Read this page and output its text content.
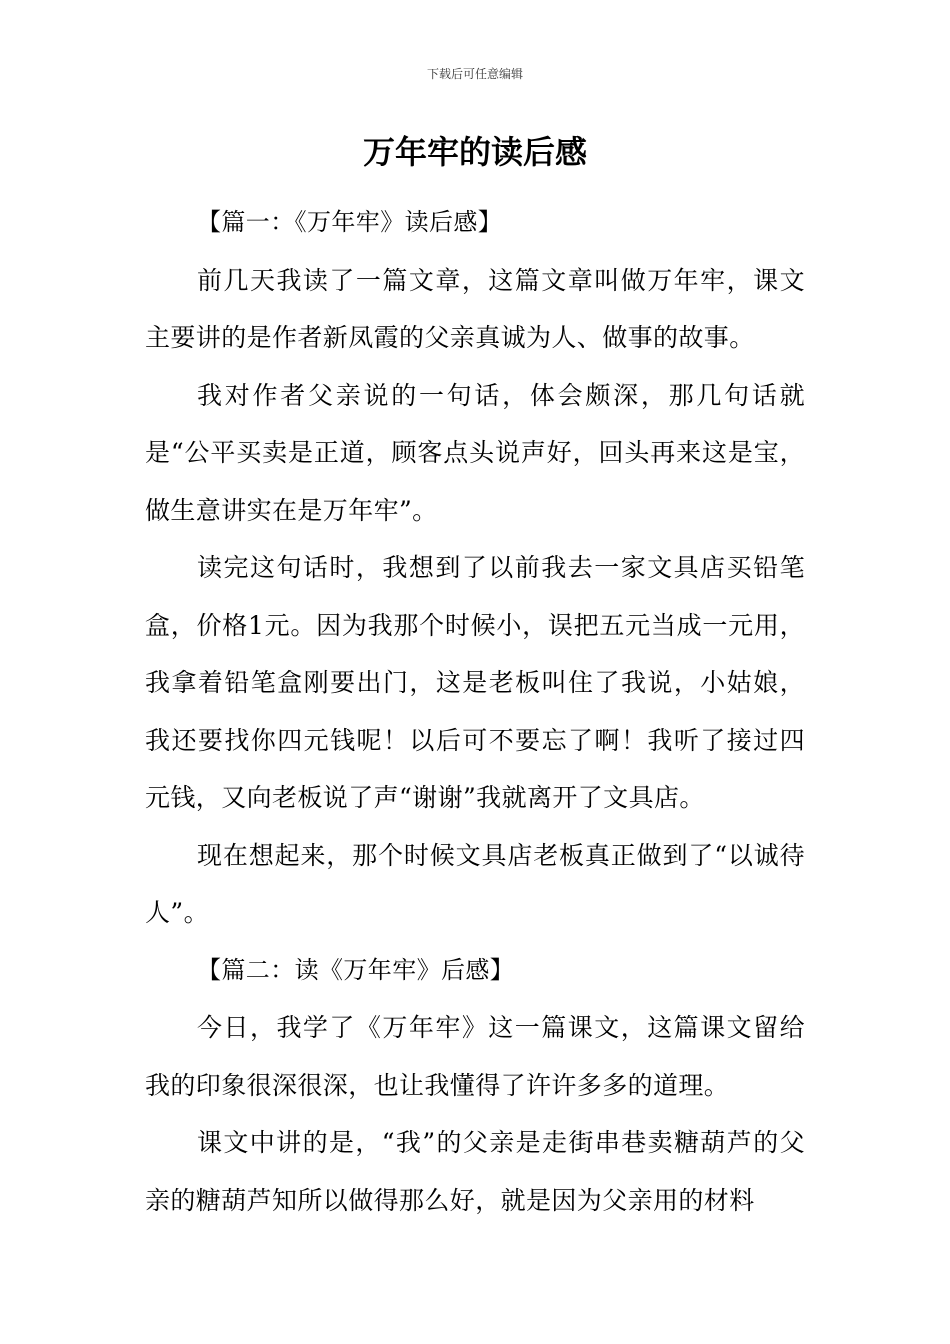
下载后可任意编辑
万年牢的读后感

【篇一：《万年牢》读后感】

前几天我读了一篇文章，这篇文章叫做万年牢，课文主要讲的是作者新凤霞的父亲真诚为人、做事的故事。

我对作者父亲说的一句话，体会颇深，那几句话就是“公平买卖是正道，顾客点头说声好，回头再来这是宝，做生意讲实在是万年牢”。

读完这句话时，我想到了以前我去一家文具店买铅笔盒，价格1元。因为我那个时候小，误把五元当成一元用，我拿着铅笔盒刚要出门，这是老板叫住了我说，小姑娘，我还要找你四元钱呢！以后可不要忘了啊！我听了接过四元钱，又向老板说了声“谢谢”我就离开了文具店。

现在想起来，那个时候文具店老板真正做到了“以诚待人”。

【篇二：读《万年牢》后感】

今日，我学了《万年牢》这一篇课文，这篇课文留给我的印象很深很深，也让我懂得了许许多多的道理。

课文中讲的是，“我”的父亲是走街串巷卖糖葫芦的父亲的糖葫芦知所以做得那么好，就是因为父亲用的材料
